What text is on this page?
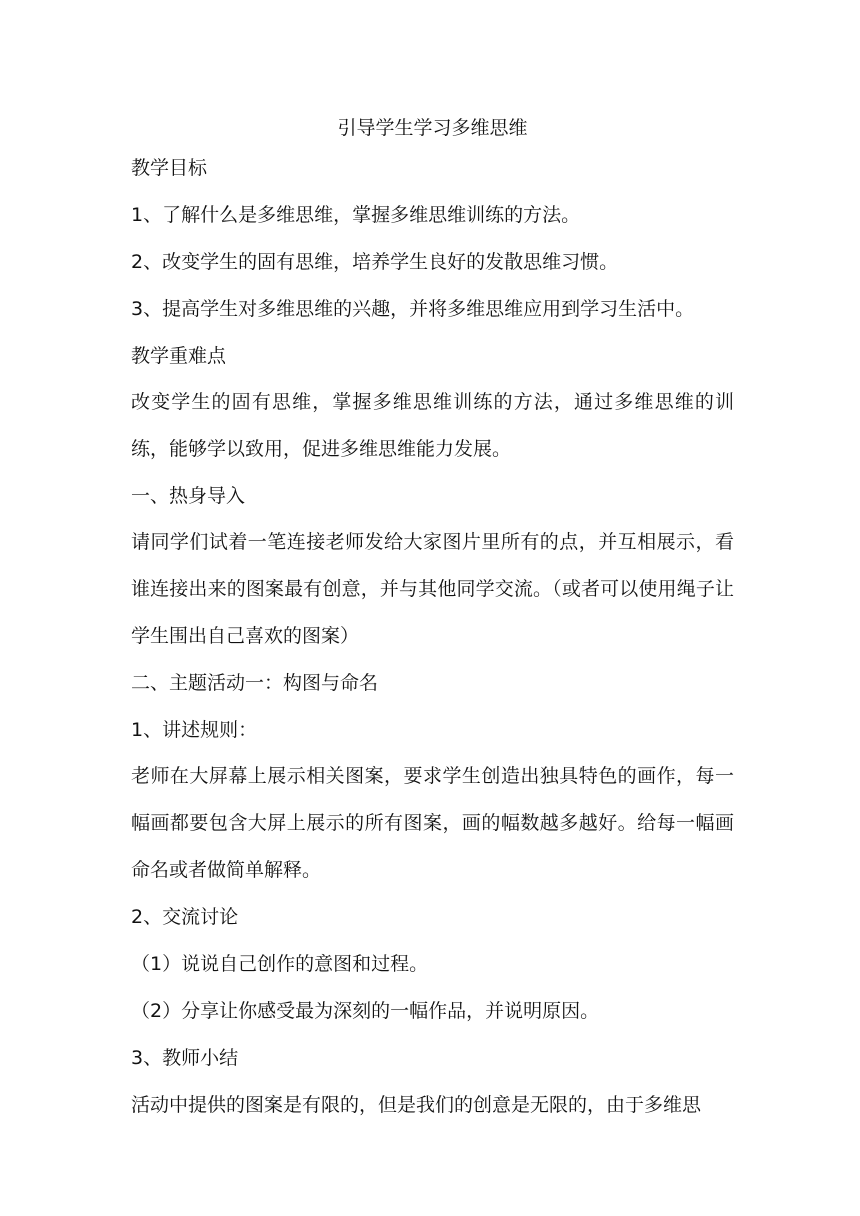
引导学生学习多维思维
教学目标
1、了解什么是多维思维，掌握多维思维训练的方法。
2、改变学生的固有思维，培养学生良好的发散思维习惯。
3、提高学生对多维思维的兴趣，并将多维思维应用到学习生活中。
教学重难点
改变学生的固有思维，掌握多维思维训练的方法，通过多维思维的训练，能够学以致用，促进多维思维能力发展。
一、热身导入
请同学们试着一笔连接老师发给大家图片里所有的点，并互相展示，看谁连接出来的图案最有创意，并与其他同学交流。（或者可以使用绳子让学生围出自己喜欢的图案）
二、主题活动一：构图与命名
1、讲述规则：
老师在大屏幕上展示相关图案，要求学生创造出独具特色的画作，每一幅画都要包含大屏上展示的所有图案，画的幅数越多越好。给每一幅画命名或者做简单解释。
2、交流讨论
（1）说说自己创作的意图和过程。
（2）分享让你感受最为深刻的一幅作品，并说明原因。
3、教师小结
活动中提供的图案是有限的，但是我们的创意是无限的，由于多维思
